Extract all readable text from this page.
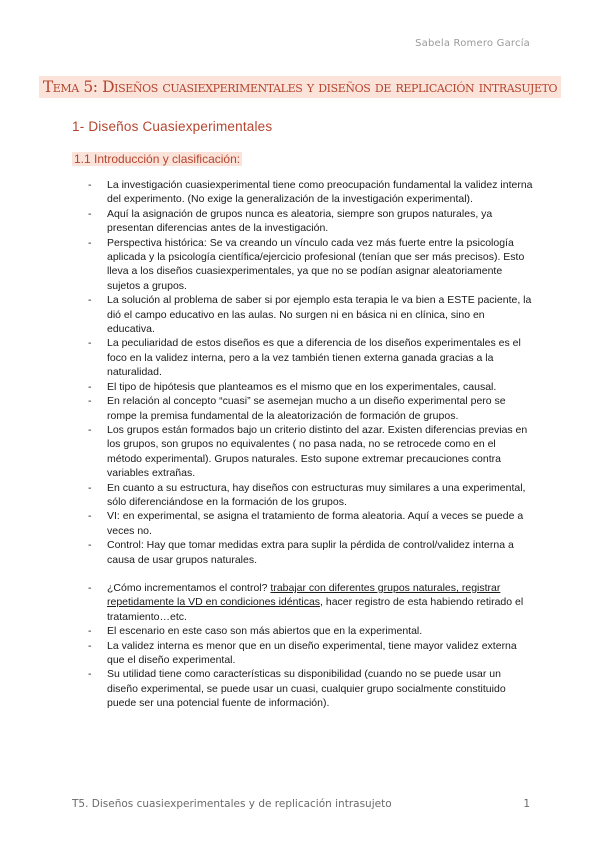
Sabela Romero García
Tema 5: Diseños cuasiexperimentales y diseños de replicación intrasujeto
1- Diseños Cuasiexperimentales
1.1 Introducción y clasificación:
- La investigación cuasiexperimental tiene como preocupación fundamental la validez interna del experimento. (No exige la generalización de la investigación experimental).
- Aquí la asignación de grupos nunca es aleatoria, siempre son grupos naturales, ya presentan diferencias antes de la investigación.
- Perspectiva histórica: Se va creando un vínculo cada vez más fuerte entre la psicología aplicada y la psicología científica/ejercicio profesional (tenían que ser más precisos). Esto lleva a los diseños cuasiexperimentales, ya que no se podían asignar aleatoriamente sujetos a grupos.
- La solución al problema de saber si por ejemplo esta terapia le va bien a ESTE paciente, la dió el campo educativo en las aulas. No surgen ni en básica ni en clínica, sino en educativa.
- La peculiaridad de estos diseños es que a diferencia de los diseños experimentales es el foco en la validez interna, pero a la vez también tienen externa ganada gracias a la naturalidad.
- El tipo de hipótesis que planteamos es el mismo que en los experimentales, causal.
- En relación al concepto “cuasi” se asemejan mucho a un diseño experimental pero se rompe la premisa fundamental de la aleatorización de formación de grupos.
- Los grupos están formados bajo un criterio distinto del azar. Existen diferencias previas en los grupos, son grupos no equivalentes ( no pasa nada, no se retrocede como en el método experimental). Grupos naturales. Esto supone extremar precauciones contra variables extrañas.
- En cuanto a su estructura, hay diseños con estructuras muy similares a una experimental, sólo diferenciándose en la formación de los grupos.
- VI: en experimental, se asigna el tratamiento de forma aleatoria. Aquí a veces se puede a veces no.
- Control: Hay que tomar medidas extra para suplir la pérdida de control/validez interna a causa de usar grupos naturales.
- ¿Cómo incrementamos el control? trabajar con diferentes grupos naturales, registrar repetidamente la VD en condiciones idénticas, hacer registro de esta habiendo retirado el tratamiento…etc.
- El escenario en este caso son más abiertos que en la experimental.
- La validez interna es menor que en un diseño experimental, tiene mayor validez externa que el diseño experimental.
- Su utilidad tiene como características su disponibilidad (cuando no se puede usar un diseño experimental, se puede usar un cuasi, cualquier grupo socialmente constituido puede ser una potencial fuente de información).
T5. Diseños cuasiexperimentales y de replicación intrasujeto	1
